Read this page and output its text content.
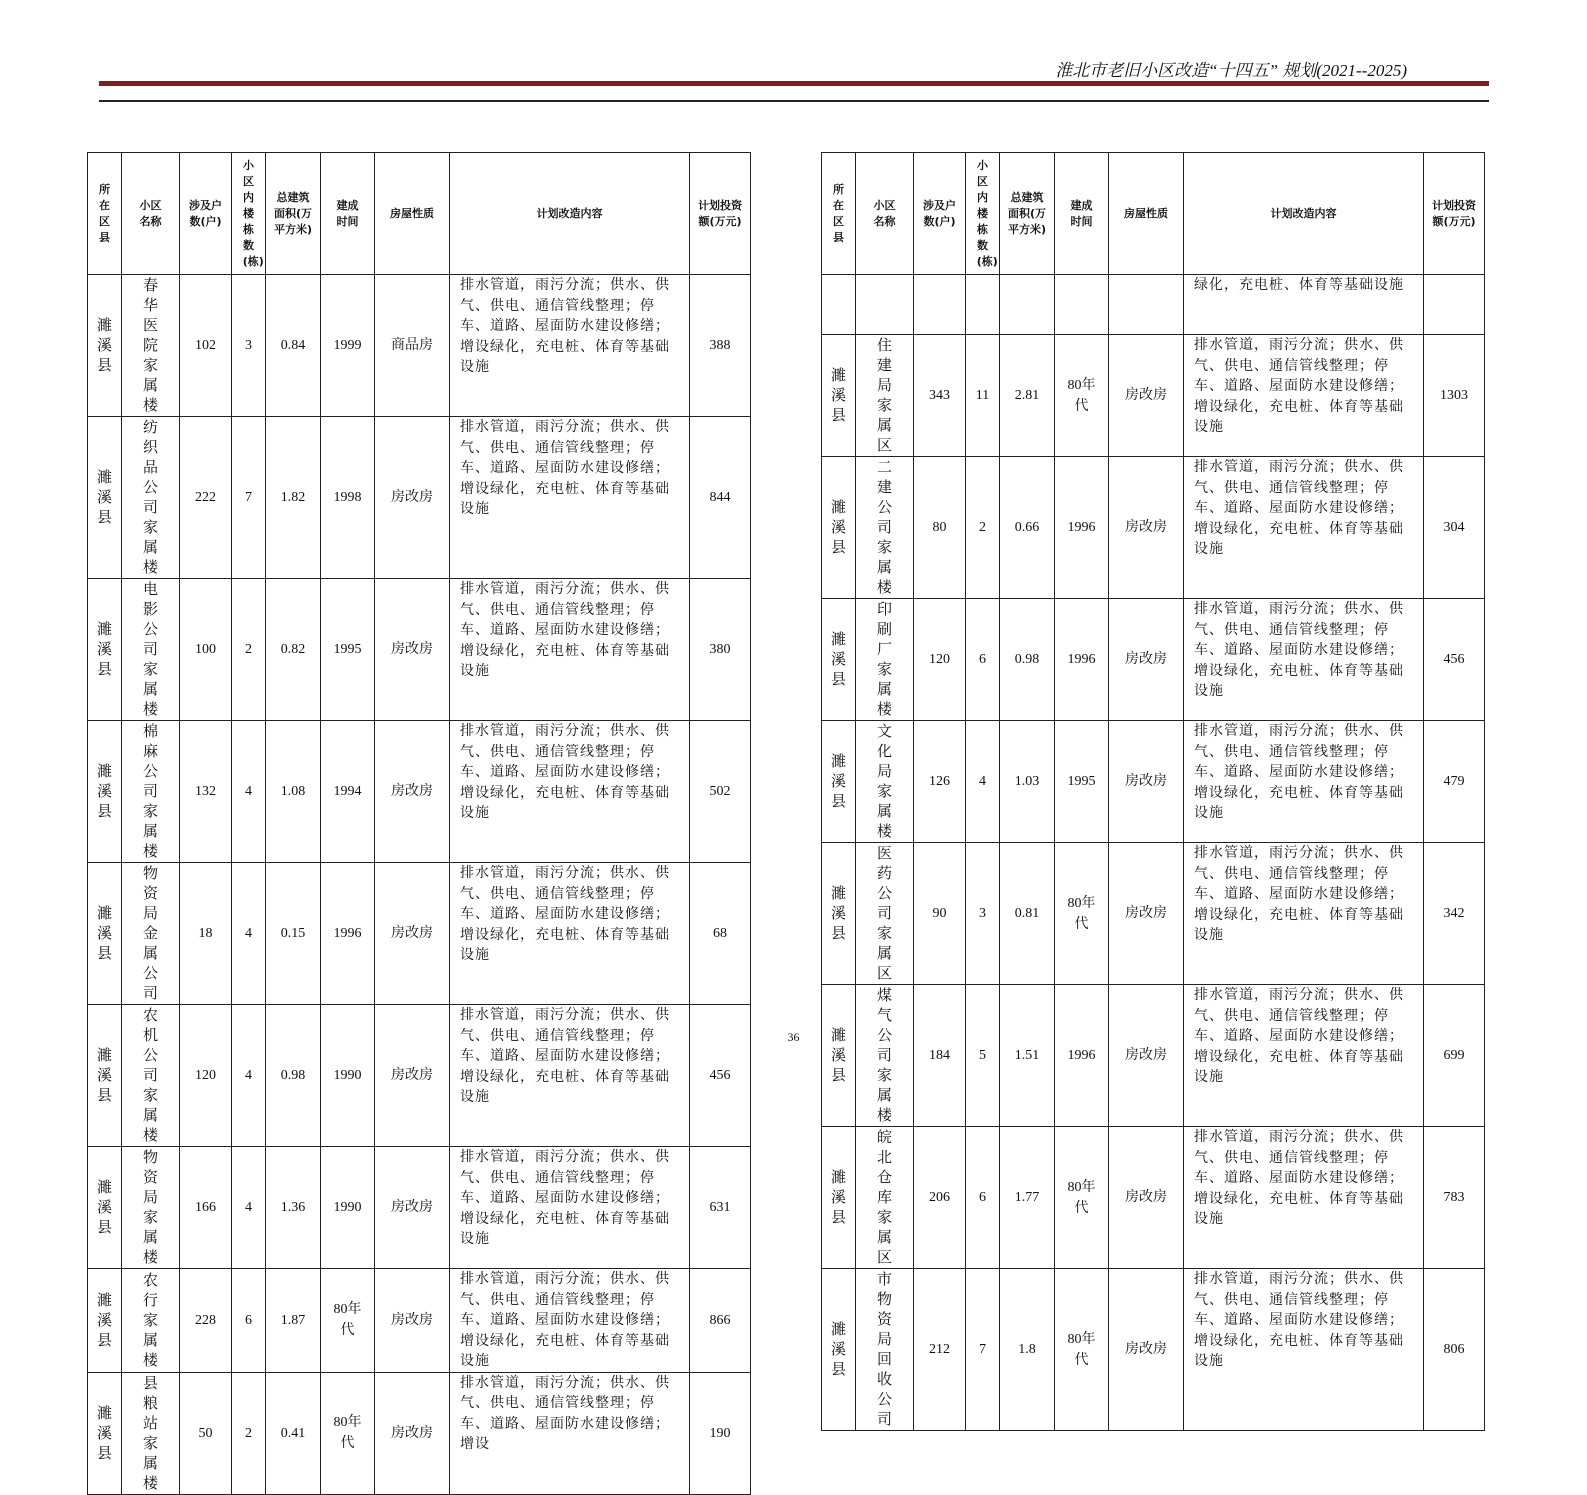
淮北市老旧小区改造“十四五” 规划(2021--2025)
所在区县	小区名称	涉及户数(户)	小区内楼栋数(栋)	总建筑面积(万平方米)	建成时间	房屋性质	计划改造内容	计划投资额(万元)
濉溪县	春华医院家属楼	102	3	0.84	1999	商品房	排水管道，雨污分流；供水、供气、供电、通信管线整理；停车、道路、屋面防水建设修缮；增设绿化，充电桩、体育等基础设施	388
濉溪县	纺织品公司家属楼	222	7	1.82	1998	房改房	排水管道，雨污分流；供水、供气、供电、通信管线整理；停车、道路、屋面防水建设修缮；增设绿化，充电桩、体育等基础设施	844
濉溪县	电影公司家属楼	100	2	0.82	1995	房改房	排水管道，雨污分流；供水、供气、供电、通信管线整理；停车、道路、屋面防水建设修缮；增设绿化，充电桩、体育等基础设施	380
濉溪县	棉麻公司家属楼	132	4	1.08	1994	房改房	排水管道，雨污分流；供水、供气、供电、通信管线整理；停车、道路、屋面防水建设修缮；增设绿化，充电桩、体育等基础设施	502
濉溪县	物资局金属公司	18	4	0.15	1996	房改房	排水管道，雨污分流；供水、供气、供电、通信管线整理；停车、道路、屋面防水建设修缮；增设绿化，充电桩、体育等基础设施	68
濉溪县	农机公司家属楼	120	4	0.98	1990	房改房	排水管道，雨污分流；供水、供气、供电、通信管线整理；停车、道路、屋面防水建设修缮；增设绿化，充电桩、体育等基础设施	456
濉溪县	物资局家属楼	166	4	1.36	1990	房改房	排水管道，雨污分流；供水、供气、供电、通信管线整理；停车、道路、屋面防水建设修缮；增设绿化，充电桩、体育等基础设施	631
濉溪县	农行家属楼	228	6	1.87	80年代	房改房	排水管道，雨污分流；供水、供气、供电、通信管线整理；停车、道路、屋面防水建设修缮；增设绿化，充电桩、体育等基础设施	866
濉溪县	县粮站家属楼	50	2	0.41	80年代	房改房	排水管道，雨污分流；供水、供气、供电、通信管线整理；停车、道路、屋面防水建设修缮；增设	190
所在区县	小区名称	涉及户数(户)	小区内楼栋数(栋)	总建筑面积(万平方米)	建成时间	房屋性质	计划改造内容	计划投资额(万元)
							绿化，充电桩、体育等基础设施	
濉溪县	住建局家属区	343	11	2.81	80年代	房改房	排水管道，雨污分流；供水、供气、供电、通信管线整理；停车、道路、屋面防水建设修缮；增设绿化，充电桩、体育等基础设施	1303
濉溪县	二建公司家属楼	80	2	0.66	1996	房改房	排水管道，雨污分流；供水、供气、供电、通信管线整理；停车、道路、屋面防水建设修缮；增设绿化，充电桩、体育等基础设施	304
濉溪县	印刷厂家属楼	120	6	0.98	1996	房改房	排水管道，雨污分流；供水、供气、供电、通信管线整理；停车、道路、屋面防水建设修缮；增设绿化，充电桩、体育等基础设施	456
濉溪县	文化局家属楼	126	4	1.03	1995	房改房	排水管道，雨污分流；供水、供气、供电、通信管线整理；停车、道路、屋面防水建设修缮；增设绿化，充电桩、体育等基础设施	479
濉溪县	医药公司家属区	90	3	0.81	80年代	房改房	排水管道，雨污分流；供水、供气、供电、通信管线整理；停车、道路、屋面防水建设修缮；增设绿化，充电桩、体育等基础设施	342
濉溪县	煤气公司家属楼	184	5	1.51	1996	房改房	排水管道，雨污分流；供水、供气、供电、通信管线整理；停车、道路、屋面防水建设修缮；增设绿化，充电桩、体育等基础设施	699
濉溪县	皖北仓库家属区	206	6	1.77	80年代	房改房	排水管道，雨污分流；供水、供气、供电、通信管线整理；停车、道路、屋面防水建设修缮；增设绿化，充电桩、体育等基础设施	783
濉溪县	市物资局回收公司	212	7	1.8	80年代	房改房	排水管道，雨污分流；供水、供气、供电、通信管线整理；停车、道路、屋面防水建设修缮；增设绿化，充电桩、体育等基础设施	806
36
